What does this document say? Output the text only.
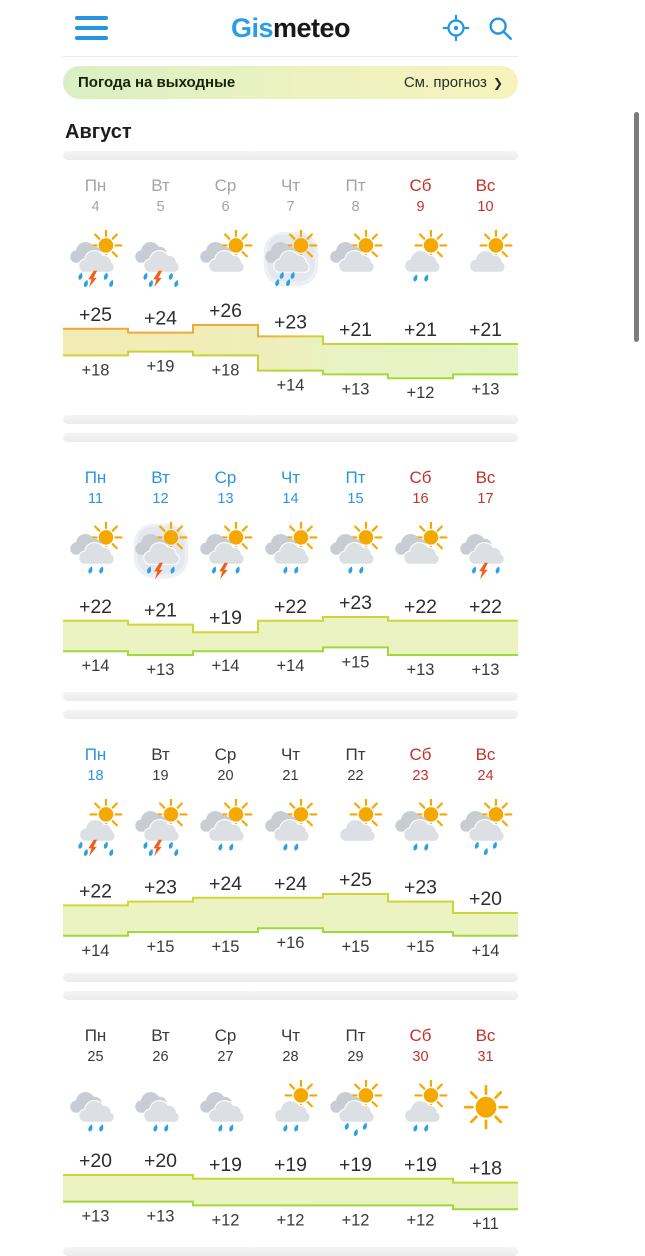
Gismeteo
Погода на выходные	См. прогноз ❯
Август
Пн
4
Вт
5
Ср
6
Чт
7
Пт
8
Сб
9
Вс
10
+25 +24 +26
+23 +21 +21 +21
+18 +19 +18
+14 +13 +12 +13
Пн
11
Вт
12
Ср
13
Чт
14
Пт
15
Сб
16
Вс
17
+22 +21 +19
+22 +23 +22 +22
+14 +13 +14 +14 +15 +13 +13
Пн
18
Вт
19
Ср
20
Чт
21
Пт
22
Сб
23
Вс
24
+22 +23 +24 +24 +25 +23
+20
+14 +15 +15 +16 +15 +15 +14
Пн
25
Вт
26
Ср
27
Чт
28
Пт
29
Сб
30
Вс
31
+20 +20 +19 +19 +19 +19 +18
+13 +13 +12 +12 +12 +12 +11
